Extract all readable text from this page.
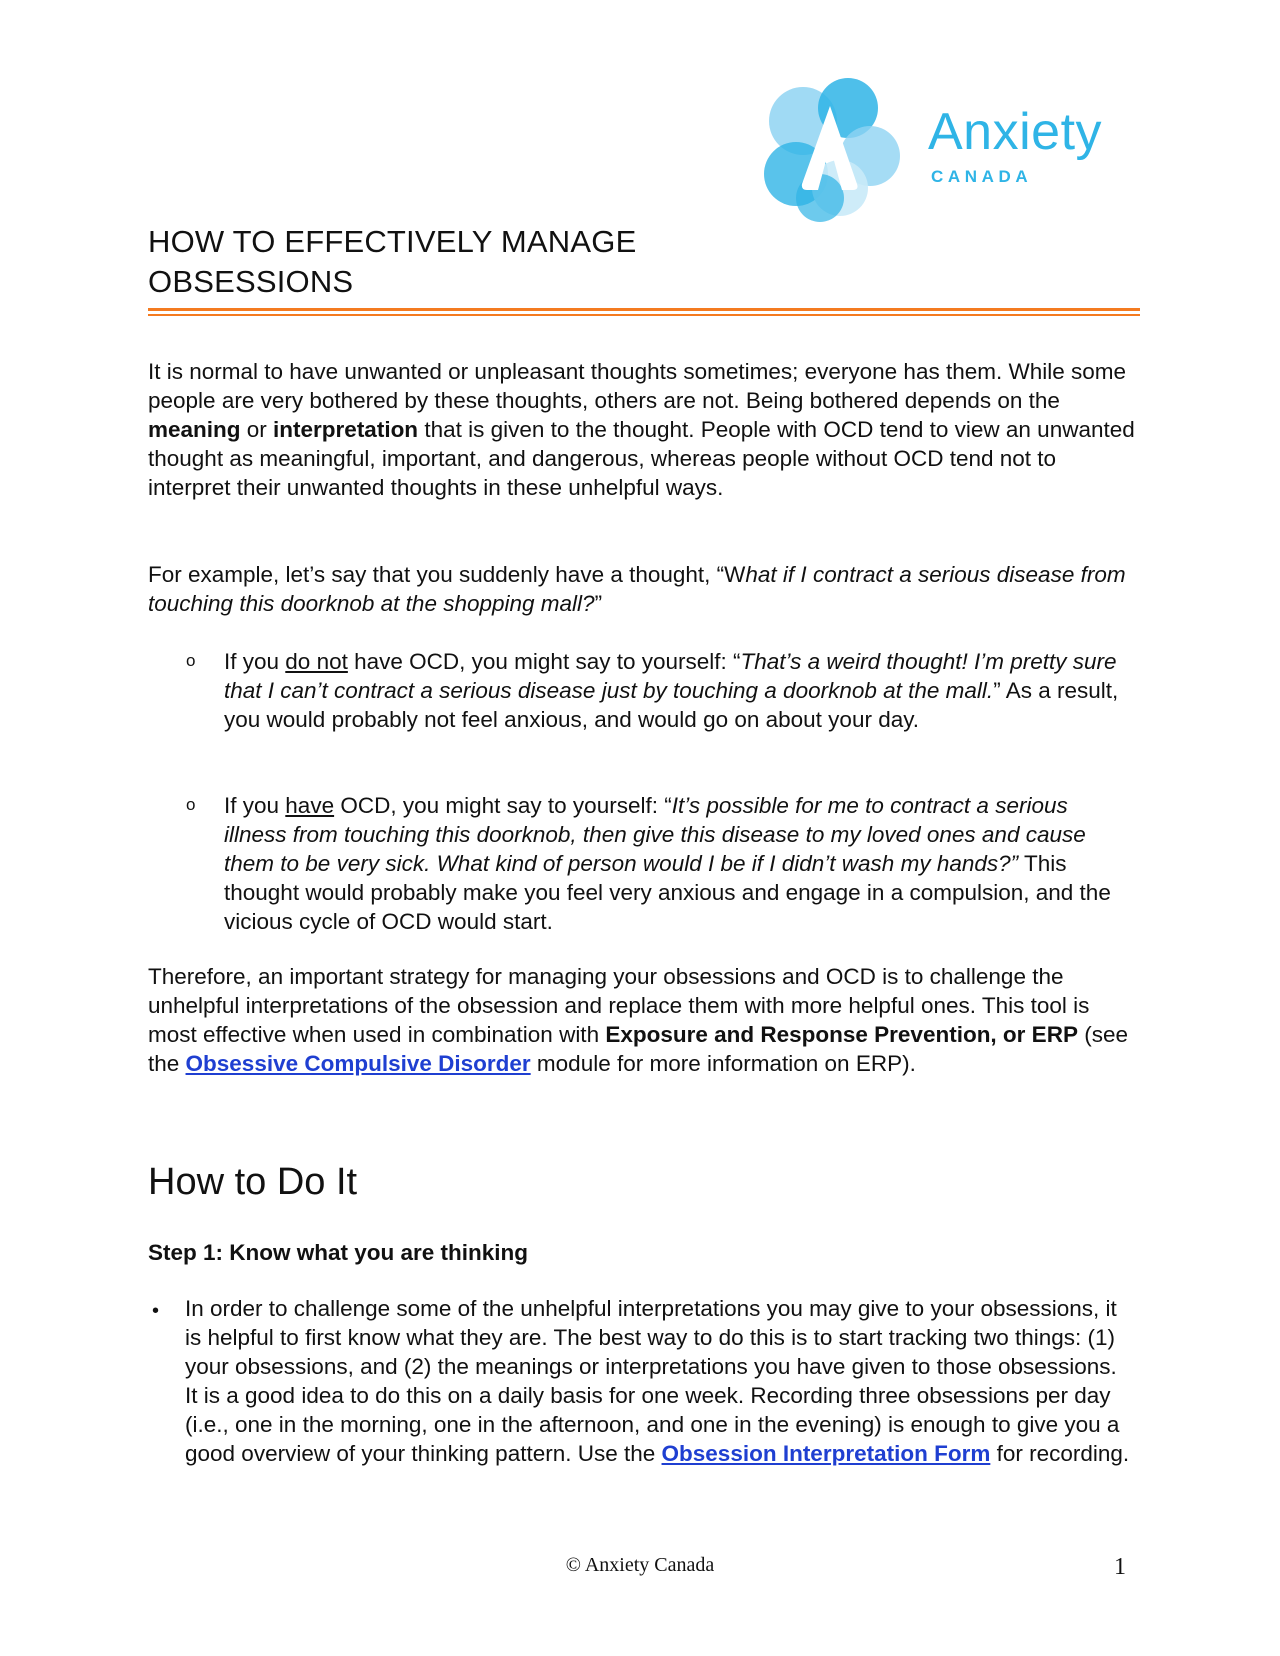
Anxiety
CANADA
HOW TO EFFECTIVELY MANAGE OBSESSIONS

It is normal to have unwanted or unpleasant thoughts sometimes; everyone has them. While some people are very bothered by these thoughts, others are not. Being bothered depends on the meaning or interpretation that is given to the thought. People with OCD tend to view an unwanted thought as meaningful, important, and dangerous, whereas people without OCD tend not to interpret their unwanted thoughts in these unhelpful ways.

For example, let’s say that you suddenly have a thought, “What if I contract a serious disease from touching this doorknob at the shopping mall?”

o If you do not have OCD, you might say to yourself: “That’s a weird thought! I’m pretty sure that I can’t contract a serious disease just by touching a doorknob at the mall.” As a result, you would probably not feel anxious, and would go on about your day.

o If you have OCD, you might say to yourself: “It’s possible for me to contract a serious illness from touching this doorknob, then give this disease to my loved ones and cause them to be very sick. What kind of person would I be if I didn’t wash my hands?” This thought would probably make you feel very anxious and engage in a compulsion, and the vicious cycle of OCD would start.

Therefore, an important strategy for managing your obsessions and OCD is to challenge the unhelpful interpretations of the obsession and replace them with more helpful ones. This tool is most effective when used in combination with Exposure and Response Prevention, or ERP (see the Obsessive Compulsive Disorder module for more information on ERP).

How to Do It
Step 1: Know what you are thinking
• In order to challenge some of the unhelpful interpretations you may give to your obsessions, it is helpful to first know what they are. The best way to do this is to start tracking two things: (1) your obsessions, and (2) the meanings or interpretations you have given to those obsessions. It is a good idea to do this on a daily basis for one week. Recording three obsessions per day (i.e., one in the morning, one in the afternoon, and one in the evening) is enough to give you a good overview of your thinking pattern. Use the Obsession Interpretation Form for recording.

© Anxiety Canada	1
